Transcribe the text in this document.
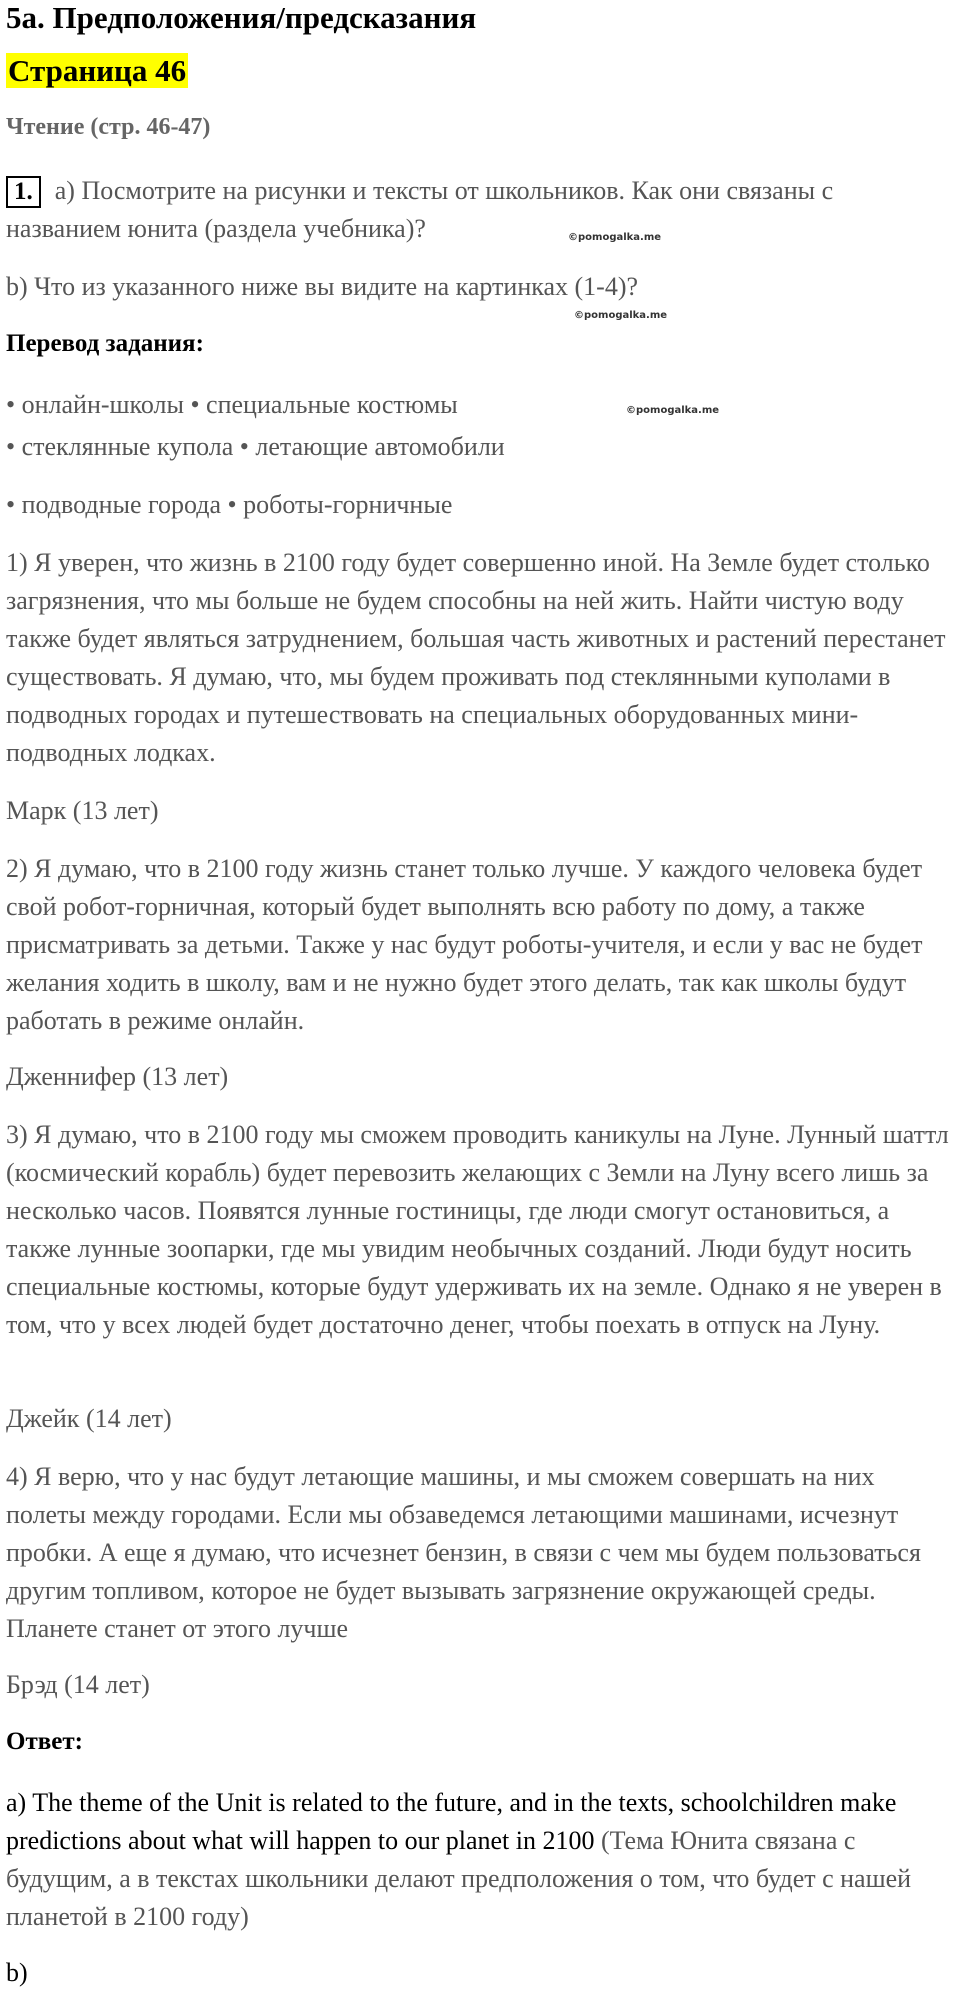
5а. Предположения/предсказания
Страница 46
Чтение (стр. 46-47)
1. a) Посмотрите на рисунки и тексты от школьников. Как они связаны с
названием юнита (раздела учебника)?
b) Что из указанного ниже вы видите на картинках (1-4)?
Перевод задания:
• онлайн-школы • специальные костюмы
• стеклянные купола • летающие автомобили
• подводные города • роботы-горничные

1) Я уверен, что жизнь в 2100 году будет совершенно иной. На Земле будет столько загрязнения, что мы больше не будем способны на ней жить. Найти чистую воду также будет являться затруднением, большая часть животных и растений перестанет существовать. Я думаю, что, мы будем проживать под стеклянными куполами в подводных городах и путешествовать на специальных оборудованных мини-подводных лодках.

Марк (13 лет)

2) Я думаю, что в 2100 году жизнь станет только лучше. У каждого человека будет свой робот-горничная, который будет выполнять всю работу по дому, а также присматривать за детьми. Также у нас будут роботы-учителя, и если у вас не будет желания ходить в школу, вам и не нужно будет этого делать, так как школы будут работать в режиме онлайн.

Дженнифер (13 лет)

3) Я думаю, что в 2100 году мы сможем проводить каникулы на Луне. Лунный шаттл (космический корабль) будет перевозить желающих с Земли на Луну всего лишь за несколько часов. Появятся лунные гостиницы, где люди смогут остановиться, а также лунные зоопарки, где мы увидим необычных созданий. Люди будут носить специальные костюмы, которые будут удерживать их на земле. Однако я не уверен в том, что у всех людей будет достаточно денег, чтобы поехать в отпуск на Луну.

Джейк (14 лет)

4) Я верю, что у нас будут летающие машины, и мы сможем совершать на них полеты между городами. Если мы обзаведемся летающими машинами, исчезнут пробки. А еще я думаю, что исчезнет бензин, в связи с чем мы будем пользоваться другим топливом, которое не будет вызывать загрязнение окружающей среды. Планете станет от этого лучше

Брэд (14 лет)
Ответ:

a) The theme of the Unit is related to the future, and in the texts, schoolchildren make predictions about what will happen to our planet in 2100 (Тема Юнита связана с будущим, а в текстах школьники делают предположения о том, что будет с нашей планетой в 2100 году)

b)
©pomogalka.me
©pomogalka.me
©pomogalka.me
